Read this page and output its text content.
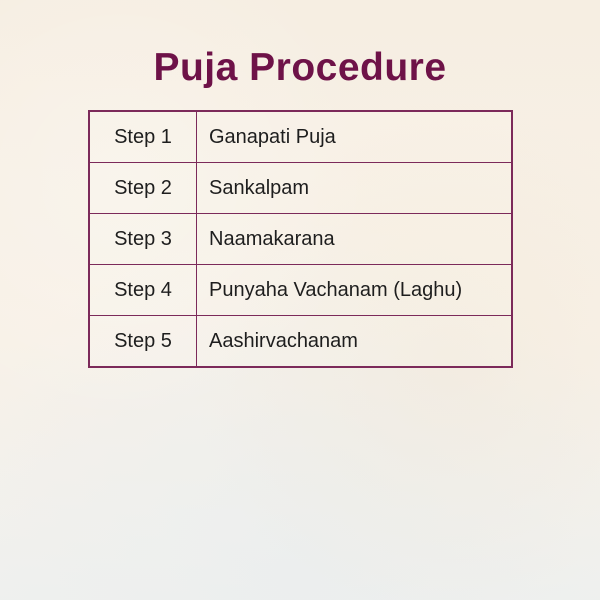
Puja Procedure
Step 1	Ganapati Puja
Step 2	Sankalpam
Step 3	Naamakarana
Step 4	Punyaha Vachanam (Laghu)
Step 5	Aashirvachanam
